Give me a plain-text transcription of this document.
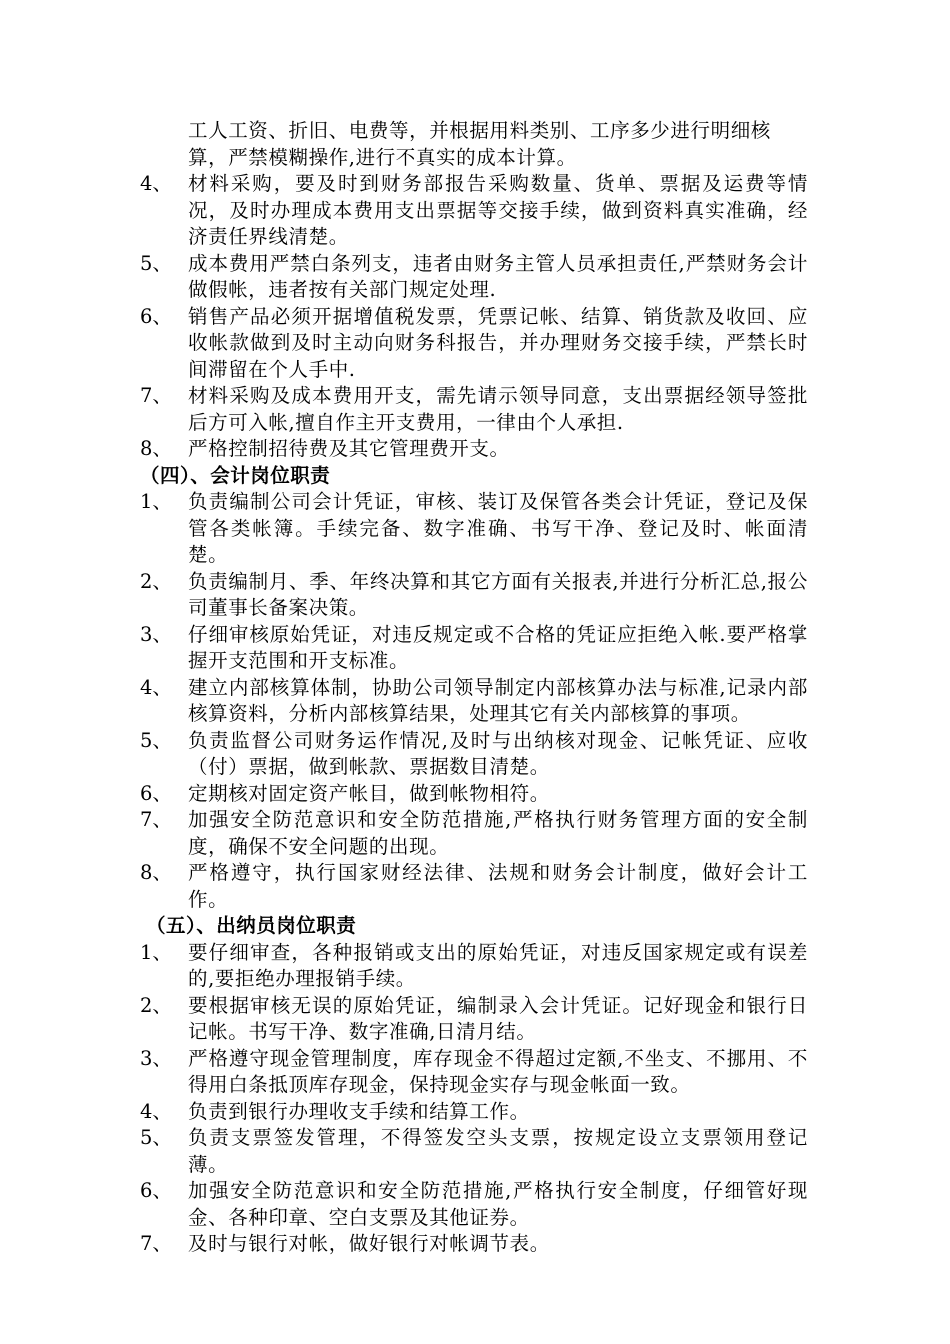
工人工资、折旧、电费等，并根据用料类别、工序多少进行明细核算，严禁模糊操作,进行不真实的成本计算。
4、 材料采购，要及时到财务部报告采购数量、货单、票据及运费等情况，及时办理成本费用支出票据等交接手续，做到资料真实准确，经济责任界线清楚。
5、 成本费用严禁白条列支，违者由财务主管人员承担责任,严禁财务会计做假帐，违者按有关部门规定处理.
6、 销售产品必须开据增值税发票，凭票记帐、结算、销货款及收回、应收帐款做到及时主动向财务科报告，并办理财务交接手续，严禁长时间滞留在个人手中.
7、 材料采购及成本费用开支，需先请示领导同意，支出票据经领导签批后方可入帐,擅自作主开支费用，一律由个人承担.
8、 严格控制招待费及其它管理费开支。
（四）、会计岗位职责
1、 负责编制公司会计凭证，审核、装订及保管各类会计凭证，登记及保管各类帐簿。手续完备、数字准确、书写干净、登记及时、帐面清楚。
2、 负责编制月、季、年终决算和其它方面有关报表,并进行分析汇总,报公司董事长备案决策。
3、 仔细审核原始凭证，对违反规定或不合格的凭证应拒绝入帐.要严格掌握开支范围和开支标准。
4、 建立内部核算体制，协助公司领导制定内部核算办法与标准,记录内部核算资料，分析内部核算结果，处理其它有关内部核算的事项。
5、 负责监督公司财务运作情况,及时与出纳核对现金、记帐凭证、应收（付）票据，做到帐款、票据数目清楚。
6、 定期核对固定资产帐目，做到帐物相符。
7、 加强安全防范意识和安全防范措施,严格执行财务管理方面的安全制度，确保不安全问题的出现。
8、 严格遵守，执行国家财经法律、法规和财务会计制度，做好会计工作。
（五）、出纳员岗位职责
1、 要仔细审查，各种报销或支出的原始凭证，对违反国家规定或有误差的,要拒绝办理报销手续。
2、 要根据审核无误的原始凭证，编制录入会计凭证。记好现金和银行日记帐。书写干净、数字准确,日清月结。
3、 严格遵守现金管理制度，库存现金不得超过定额,不坐支、不挪用、不得用白条抵顶库存现金，保持现金实存与现金帐面一致。
4、 负责到银行办理收支手续和结算工作。
5、 负责支票签发管理，不得签发空头支票，按规定设立支票领用登记薄。
6、 加强安全防范意识和安全防范措施,严格执行安全制度，仔细管好现金、各种印章、空白支票及其他证券。
7、 及时与银行对帐，做好银行对帐调节表。
